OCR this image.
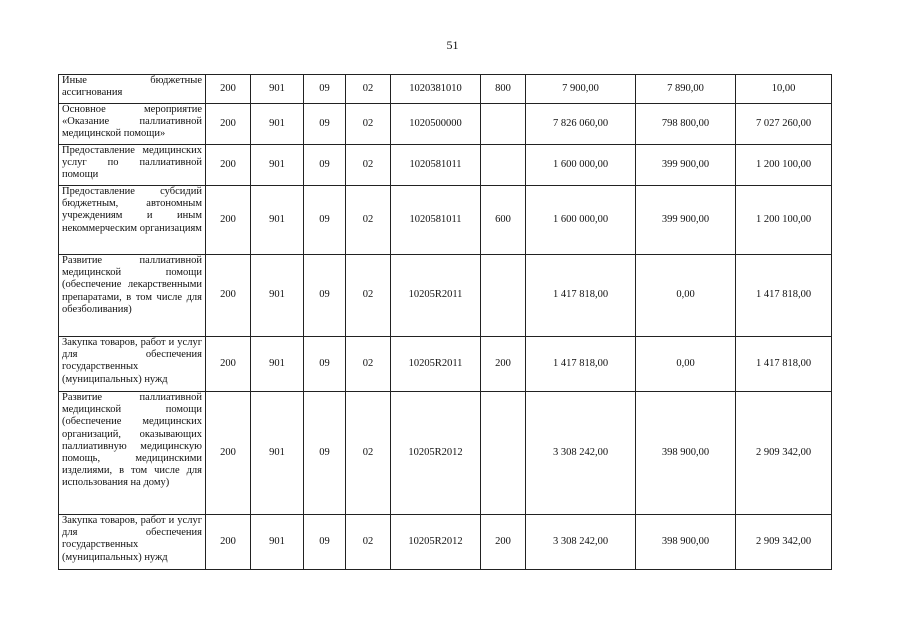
51
Иные бюджетные ассигнования	200	901	09	02	1020381010	800	7 900,00	7 890,00	10,00
Основное мероприятие «Оказание паллиативной медицинской помощи»	200	901	09	02	1020500000		7 826 060,00	798 800,00	7 027 260,00
Предоставление медицинских услуг по паллиативной помощи	200	901	09	02	1020581011		1 600 000,00	399 900,00	1 200 100,00
Предоставление субсидий бюджетным, автономным учреждениям и иным некоммерческим организациям	200	901	09	02	1020581011	600	1 600 000,00	399 900,00	1 200 100,00
Развитие паллиативной медицинской помощи (обеспечение лекарственными препаратами, в том числе для обезболивания)	200	901	09	02	10205R2011		1 417 818,00	0,00	1 417 818,00
Закупка товаров, работ и услуг для обеспечения государственных (муниципальных) нужд	200	901	09	02	10205R2011	200	1 417 818,00	0,00	1 417 818,00
Развитие паллиативной медицинской помощи (обеспечение медицинских организаций, оказывающих паллиативную медицинскую помощь, медицинскими изделиями, в том числе для использования на дому)	200	901	09	02	10205R2012		3 308 242,00	398 900,00	2 909 342,00
Закупка товаров, работ и услуг для обеспечения государственных (муниципальных) нужд	200	901	09	02	10205R2012	200	3 308 242,00	398 900,00	2 909 342,00
